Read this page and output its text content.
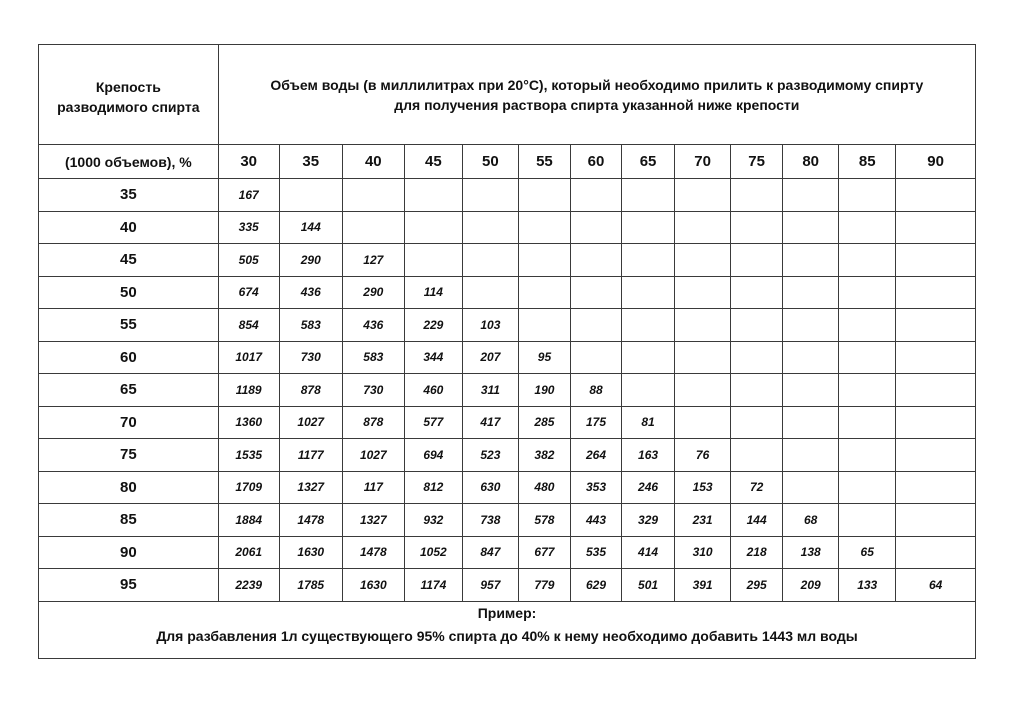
Крепость
разводимого спирта	Объем воды (в миллилитрах при 20°C), который необходимо прилить к разводимому спирту
для получения раствора спирта указанной ниже крепости												

(1000 объемов), %	30	35	40	45	50	55	60	65	70	75	80	85	90
35	167												
40	335	144											
45	505	290	127										
50	674	436	290	114									
55	854	583	436	229	103								
60	1017	730	583	344	207	95							
65	1189	878	730	460	311	190	88						
70	1360	1027	878	577	417	285	175	81					
75	1535	1177	1027	694	523	382	264	163	76				
80	1709	1327	117	812	630	480	353	246	153	72			
85	1884	1478	1327	932	738	578	443	329	231	144	68		
90	2061	1630	1478	1052	847	677	535	414	310	218	138	65	
95	2239	1785	1630	1174	957	779	629	501	391	295	209	133	64
Пример:
Для разбавления 1л существующего 95% спирта до 40% к нему необходимо добавить 1443 мл воды
